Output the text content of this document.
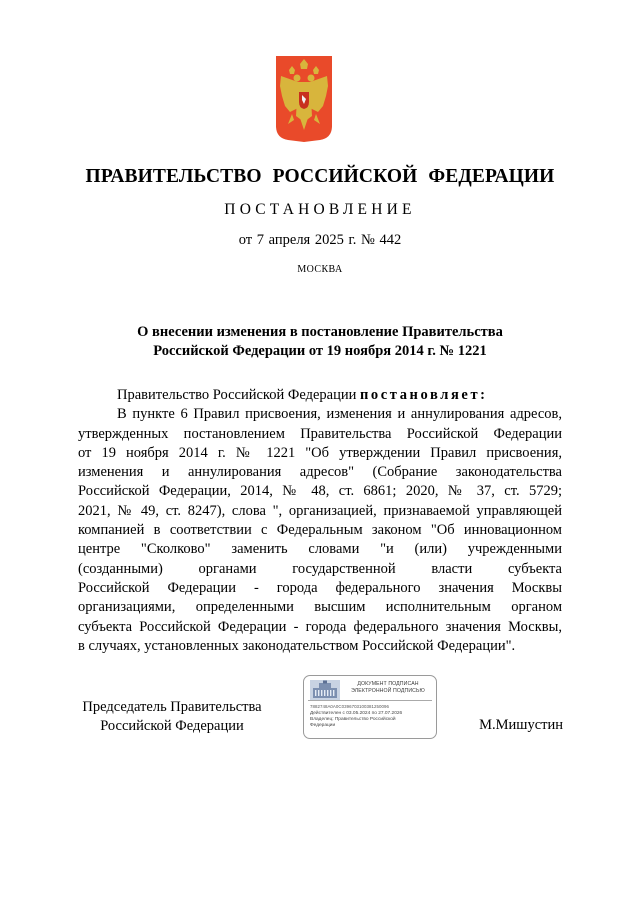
ПРАВИТЕЛЬСТВО РОССИЙСКОЙ ФЕДЕРАЦИИ
ПОСТАНОВЛЕНИЕ
от 7 апреля 2025 г. № 442
МОСКВА
О внесении изменения в постановление Правительства
Российской Федерации от 19 ноября 2014 г. № 1221
Правительство Российской Федерации постановляет:
В пункте 6 Правил присвоения, изменения и аннулирования адресов,
утвержденных постановлением Правительства Российской Федерации
от 19 ноября 2014 г. № 1221 "Об утверждении Правил присвоения,
изменения и аннулирования адресов" (Собрание законодательства
Российской Федерации, 2014, № 48, ст. 6861; 2020, № 37, ст. 5729;
2021, № 49, ст. 8247), слова ", организацией, признаваемой управляющей
компанией в соответствии с Федеральным законом "Об инновационном
центре "Сколково" заменить словами "и (или) учрежденными
(созданными) органами государственной власти субъекта
Российской Федерации - города федерального значения Москвы
организациями, определенными высшим исполнительным органом
субъекта Российской Федерации - города федерального значения Москвы,
в случаях, установленных законодательством Российской Федерации".
Председатель Правительства
Российской Федерации
ДОКУМЕНТ ПОДПИСАН
ЭЛЕКТРОННОЙ ПОДПИСЬЮ
7882748A0A0C0396703100381250096
Действителен с 03.05.2024 по 27.07.2026
Владелец: Правительство Российской
Федерации	М.Мишустин
